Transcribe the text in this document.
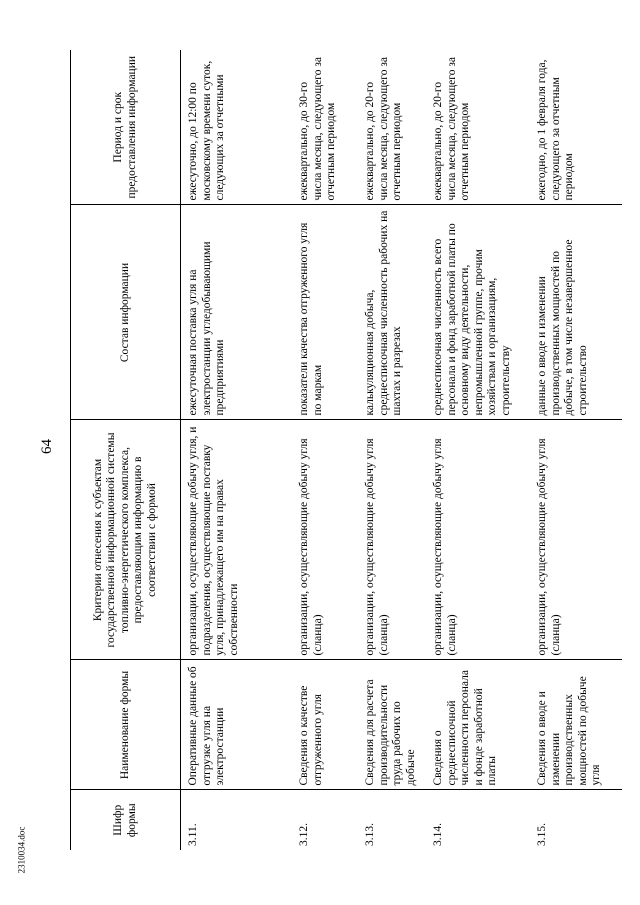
64
2310034.doc
Шифр формы	Наименование формы	Критерии отнесения к субъектам государственной информационной системы топливно-энергетического комплекса, предоставляющим информацию в соответствии с формой	Состав информации	Период и срок предоставления информации
3.11.	Оперативные данные об отгрузке угля на электростанции	организации, осуществляющие добычу угля, и подразделения, осуществляющие поставку угля, принадлежащего им на правах собственности	ежесуточная поставка угля на электростанции угледобывающими предприятиями	ежесуточно, до 12:00 по московскому времени суток, следующих за отчетными
3.12.	Сведения о качестве отгруженного угля	организации, осуществляющие добычу угля (сланца)	показатели качества отгруженного угля по маркам	ежеквартально, до 30-го числа месяца, следующего за отчетным периодом
3.13.	Сведения для расчета производительности труда рабочих по добыче	организации, осуществляющие добычу угля (сланца)	калькуляционная добыча, среднесписочная численность рабочих на шахтах и разрезах	ежеквартально, до 20-го числа месяца, следующего за отчетным периодом
3.14.	Сведения о среднесписочной численности персонала и фонде заработной платы	организации, осуществляющие добычу угля (сланца)	среднесписочная численность всего персонала и фонд заработной платы по основному виду деятельности, непромышленной группе, прочим хозяйствам и организациям, строительству	ежеквартально, до 20-го числа месяца, следующего за отчетным периодом
3.15.	Сведения о вводе и изменении производственных мощностей по добыче угля	организации, осуществляющие добычу угля (сланца)	данные о вводе и изменении производственных мощностей по добыче, в том числе незавершенное строительство	ежегодно, до 1 февраля года, следующего за отчетным периодом
